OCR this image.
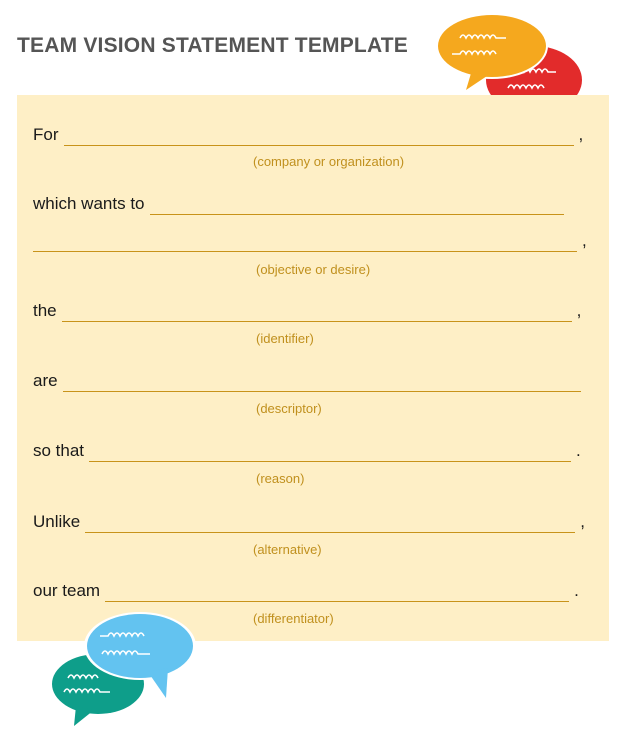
TEAM VISION STATEMENT TEMPLATE
For	,
(company or organization)
which wants to
,
(objective or desire)
the	,
(identifier)
are
(descriptor)
so that	.
(reason)
Unlike	,
(alternative)
our team	.
(differentiator)
